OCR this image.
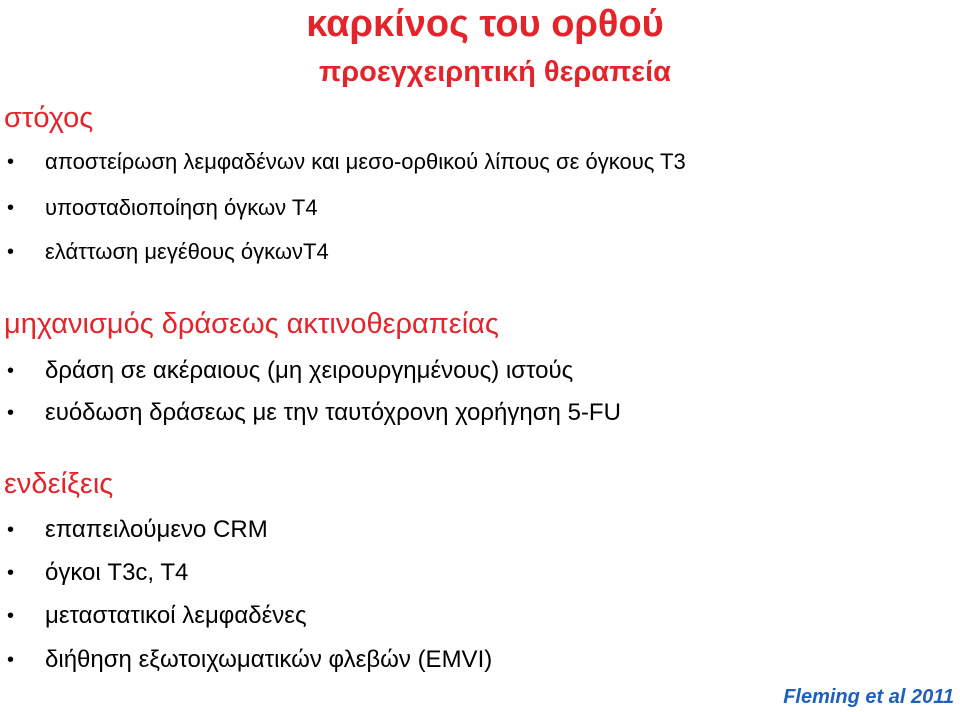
καρκίνος του ορθού
προεγχειρητική θεραπεία
στόχος
• αποστείρωση λεμφαδένων και μεσο-ορθικού λίπους σε όγκους Τ3
• υποσταδιοποίηση όγκων Τ4
• ελάττωση μεγέθους όγκωνΤ4
μηχανισμός δράσεως ακτινοθεραπείας
• δράση σε ακέραιους (μη χειρουργημένους) ιστούς
• ευόδωση δράσεως με την ταυτόχρονη χορήγηση 5-FU
ενδείξεις
• επαπειλούμενο CRM
• όγκοι T3c, T4
• μεταστατικοί λεμφαδένες
• διήθηση εξωτοιχωματικών φλεβών (EMVI)
Fleming et al 2011
